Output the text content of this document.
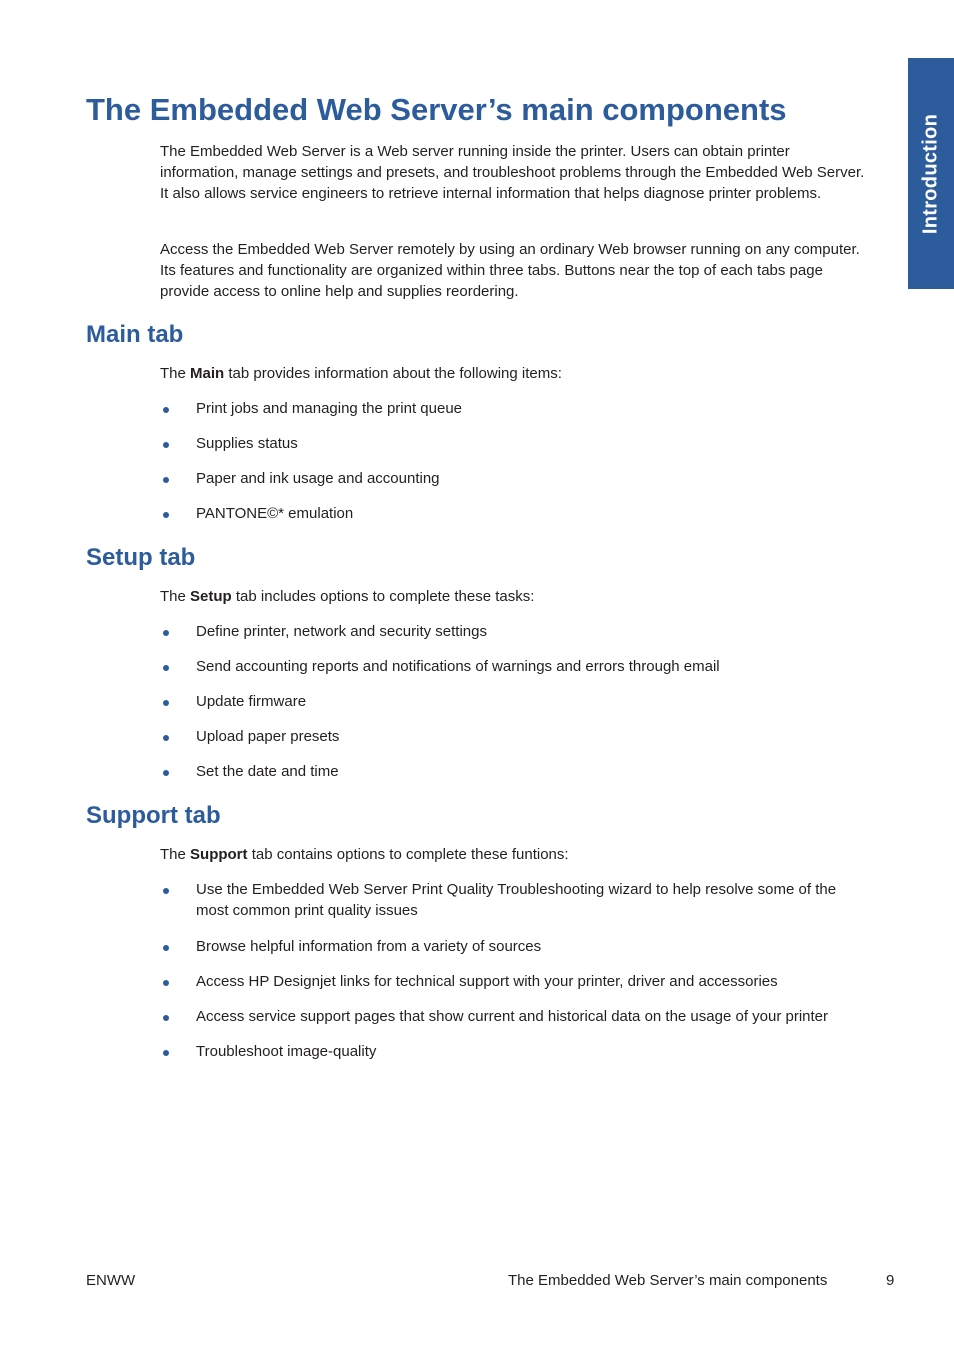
Introduction
The Embedded Web Server’s main components

The Embedded Web Server is a Web server running inside the printer. Users can obtain printer information, manage settings and presets, and troubleshoot problems through the Embedded Web Server. It also allows service engineers to retrieve internal information that helps diagnose printer problems.

Access the Embedded Web Server remotely by using an ordinary Web browser running on any computer. Its features and functionality are organized within three tabs. Buttons near the top of each tabs page provide access to online help and supplies reordering.

Main tab

The Main tab provides information about the following items:

Print jobs and managing the print queue
Supplies status
Paper and ink usage and accounting
PANTONE©* emulation
Setup tab

The Setup tab includes options to complete these tasks:

Define printer, network and security settings
Send accounting reports and notifications of warnings and errors through email
Update firmware
Upload paper presets
Set the date and time
Support tab

The Support tab contains options to complete these funtions:

Use the Embedded Web Server Print Quality Troubleshooting wizard to help resolve some of the most common print quality issues
Browse helpful information from a variety of sources
Access HP Designjet links for technical support with your printer, driver and accessories
Access service support pages that show current and historical data on the usage of your printer
Troubleshoot image-quality
ENWW	The Embedded Web Server’s main components	9
